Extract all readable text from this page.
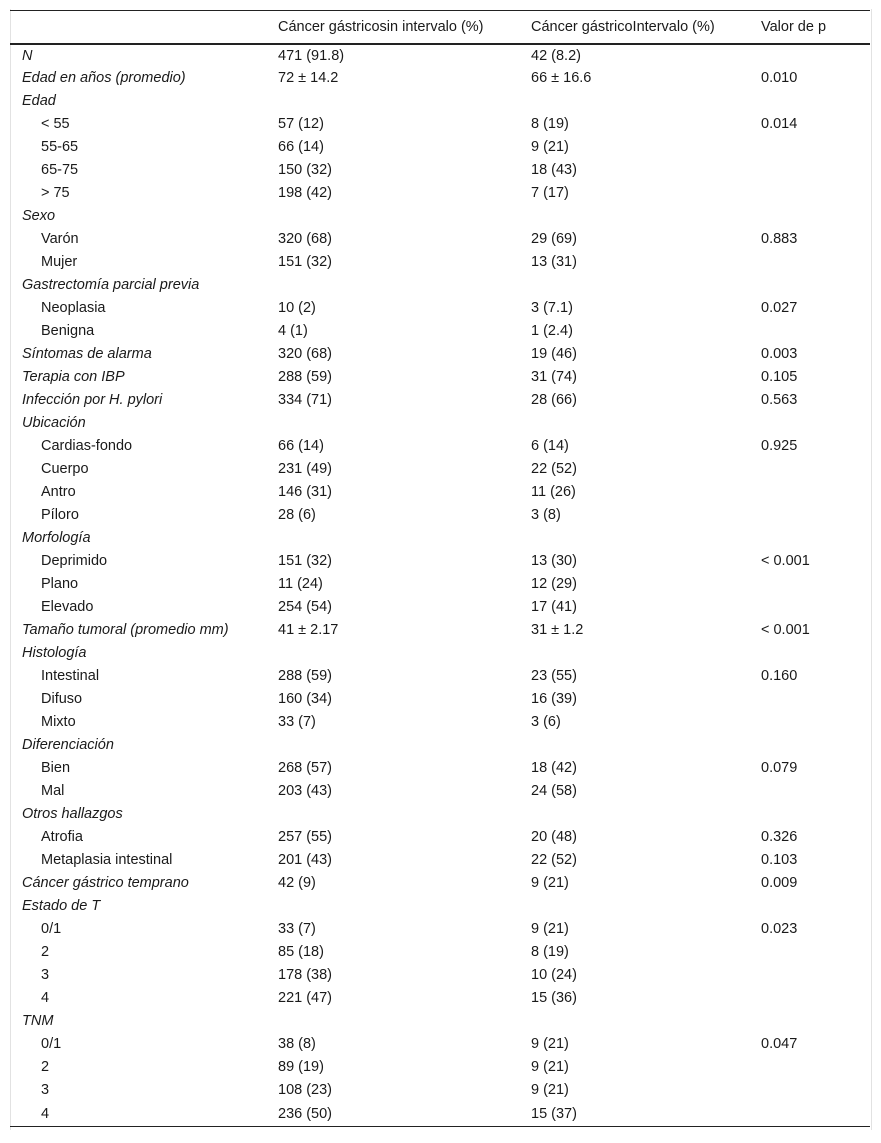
	Cáncer gástricosin intervalo (%)	Cáncer gástricoIntervalo (%)	Valor de p
N	471 (91.8)	42 (8.2)	
Edad en años (promedio)	72 ± 14.2	66 ± 16.6	0.010
Edad			
< 55	57 (12)	8 (19)	0.014
55-65	66 (14)	9 (21)	
65-75	150 (32)	18 (43)	
> 75	198 (42)	7 (17)	
Sexo			
Varón	320 (68)	29 (69)	0.883
Mujer	151 (32)	13 (31)	
Gastrectomía parcial previa			
Neoplasia	10 (2)	3 (7.1)	0.027
Benigna	4 (1)	1 (2.4)	
Síntomas de alarma	320 (68)	19 (46)	0.003
Terapia con IBP	288 (59)	31 (74)	0.105
Infección por H. pylori	334 (71)	28 (66)	0.563
Ubicación			
Cardias-fondo	66 (14)	6 (14)	0.925
Cuerpo	231 (49)	22 (52)	
Antro	146 (31)	11 (26)	
Píloro	28 (6)	3 (8)	
Morfología			
Deprimido	151 (32)	13 (30)	< 0.001
Plano	11 (24)	12 (29)	
Elevado	254 (54)	17 (41)	
Tamaño tumoral (promedio mm)	41 ± 2.17	31 ± 1.2	< 0.001
Histología			
Intestinal	288 (59)	23 (55)	0.160
Difuso	160 (34)	16 (39)	
Mixto	33 (7)	3 (6)	
Diferenciación			
Bien	268 (57)	18 (42)	0.079
Mal	203 (43)	24 (58)	
Otros hallazgos			
Atrofia	257 (55)	20 (48)	0.326
Metaplasia intestinal	201 (43)	22 (52)	0.103
Cáncer gástrico temprano	42 (9)	9 (21)	0.009
Estado de T			
0/1	33 (7)	9 (21)	0.023
2	85 (18)	8 (19)	
3	178 (38)	10 (24)	
4	221 (47)	15 (36)	
TNM			
0/1	38 (8)	9 (21)	0.047
2	89 (19)	9 (21)	
3	108 (23)	9 (21)	
4	236 (50)	15 (37)	
